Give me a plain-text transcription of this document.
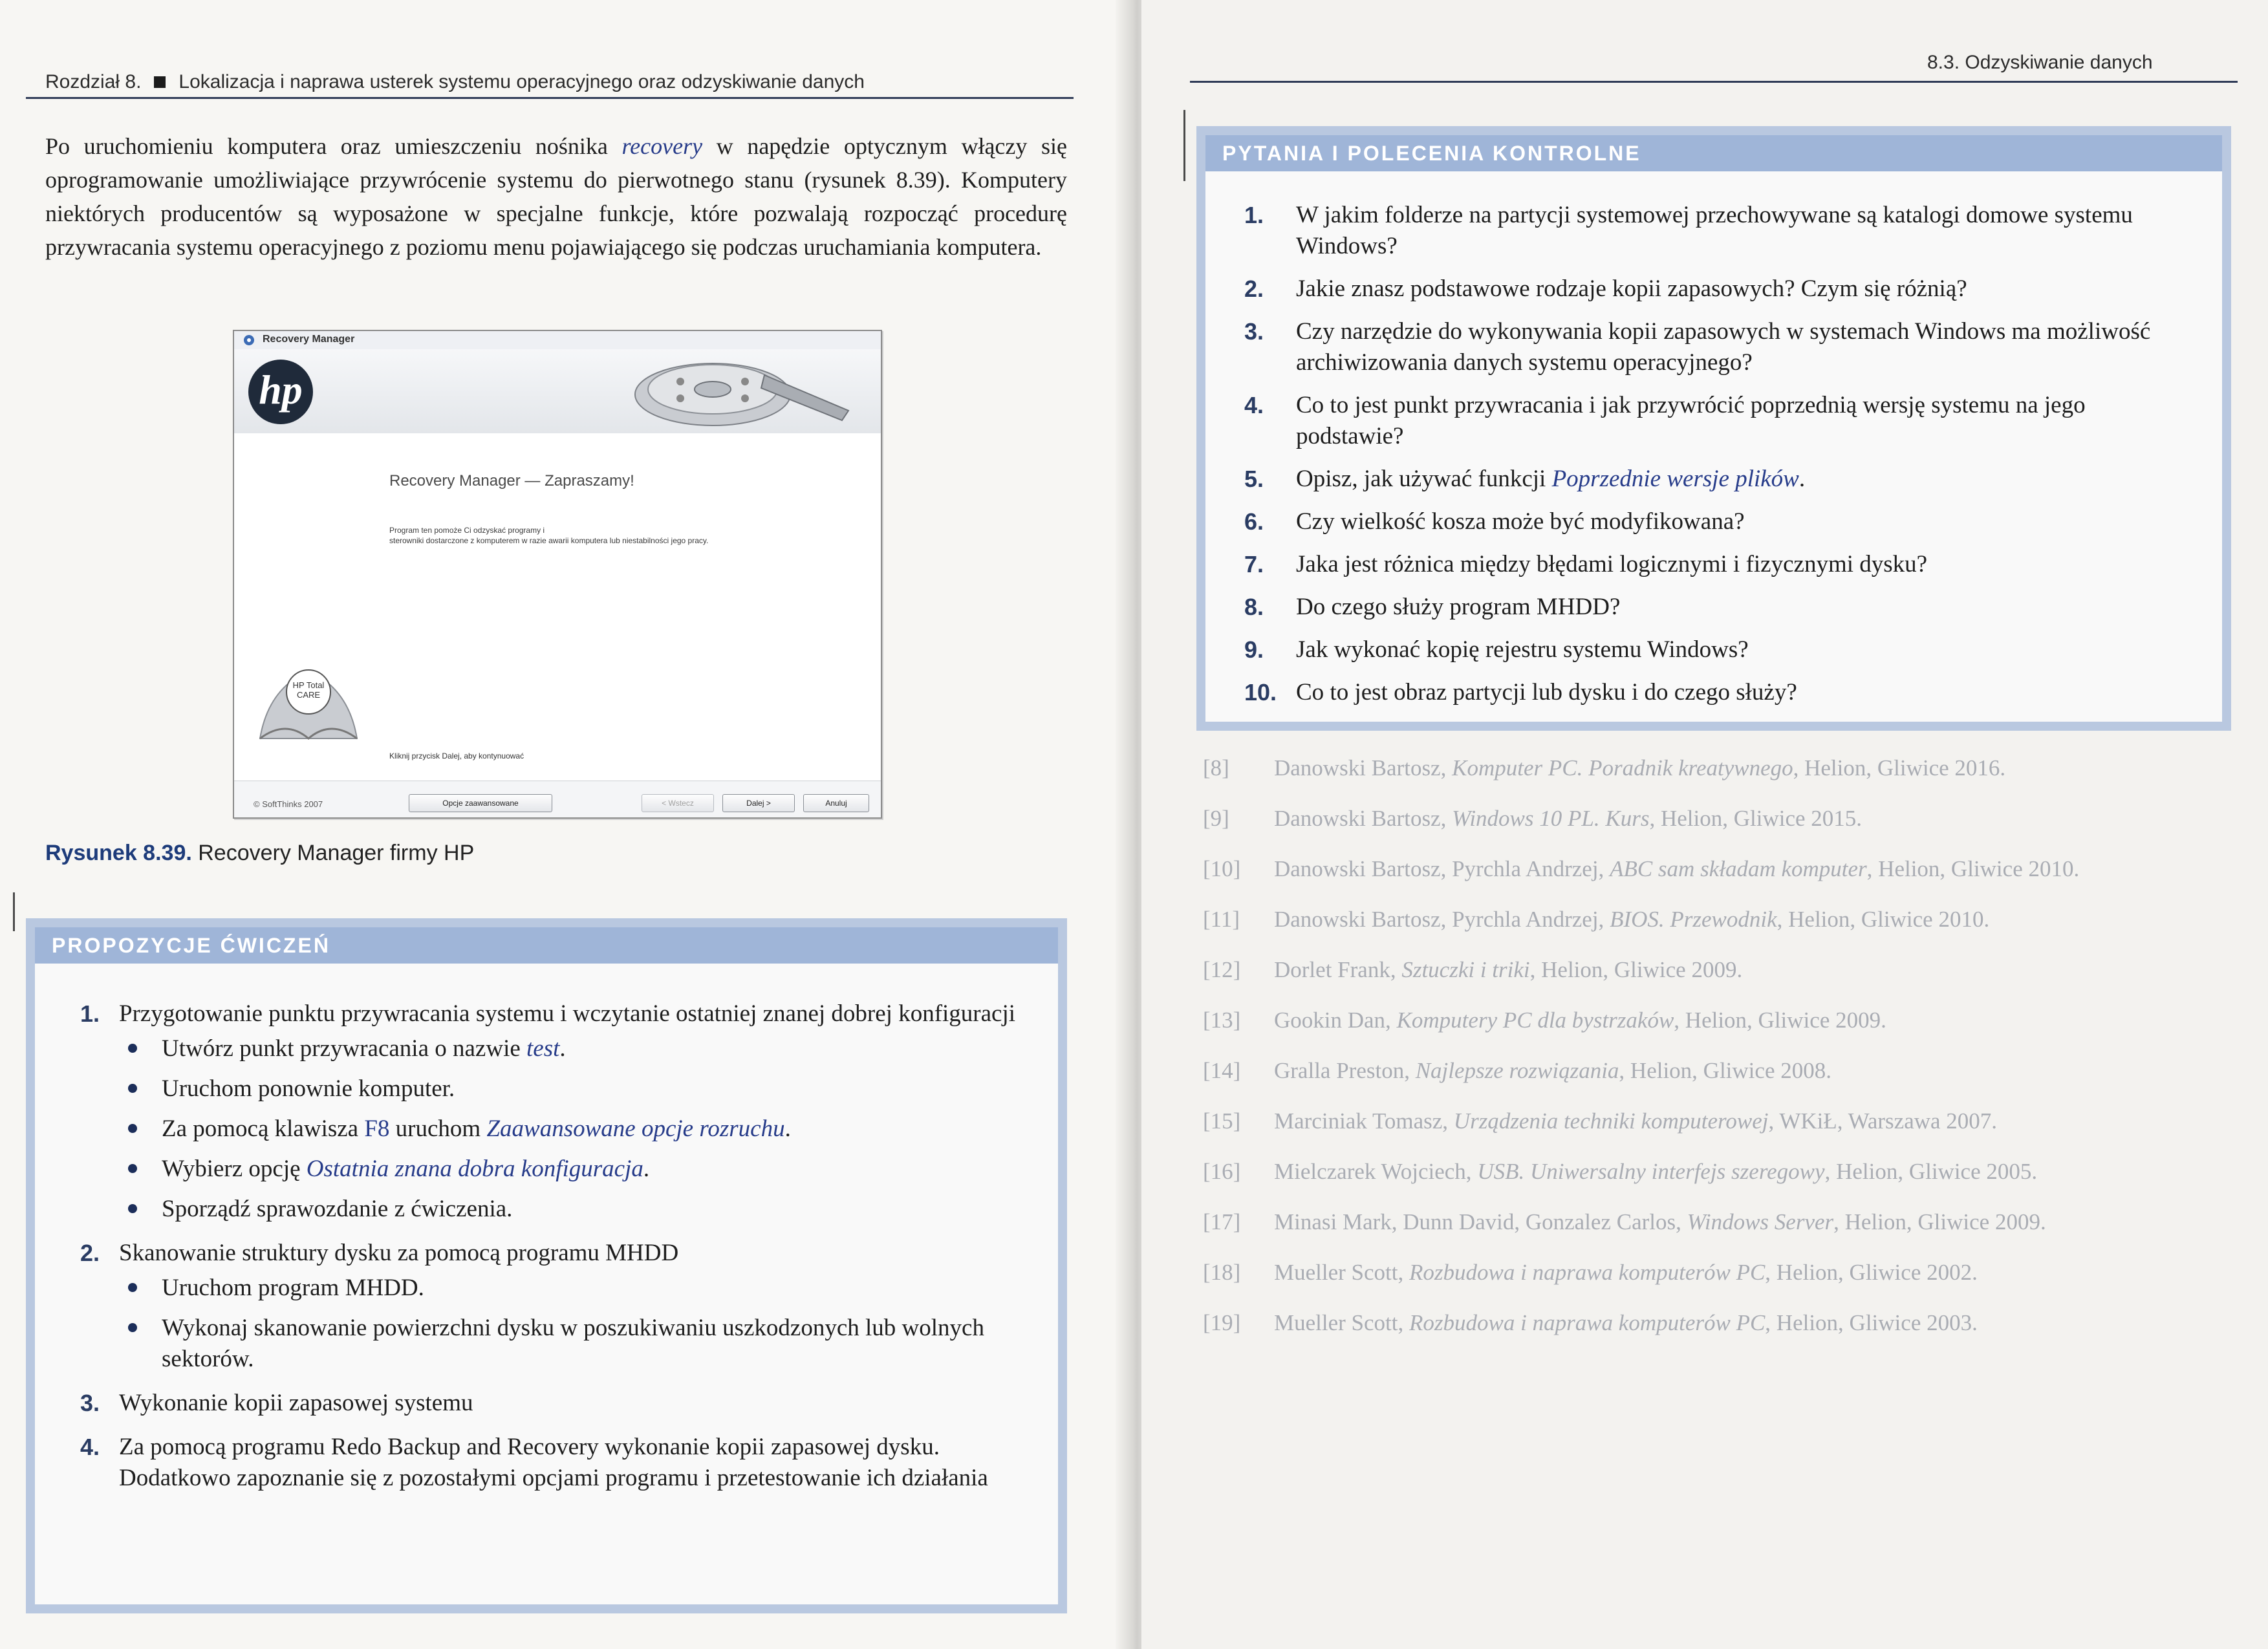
Rozdział 8. Lokalizacja i naprawa usterek systemu operacyjnego oraz odzyskiwanie danych

Po uruchomieniu komputera oraz umieszczeniu nośnika recovery w napędzie optycznym włączy się oprogramowanie umożliwiające przywrócenie systemu do pierwotnego stanu (rysunek 8.39). Komputery niektórych producentów są wyposażone w specjalne funkcje, które pozwalają rozpocząć procedurę przywracania systemu operacyjnego z poziomu menu pojawiającego się podczas uruchamiania komputera.

Recovery Manager
hp
Recovery Manager — Zapraszamy!
Program ten pomoże Ci odzyskać programy i
sterowniki dostarczone z komputerem w razie awarii komputera lub niestabilności jego pracy.
HP Total CARE
Kliknij przycisk Dalej, aby kontynuować
© SoftThinks 2007	Opcje zaawansowane	< Wstecz	Dalej >	Anuluj
Rysunek 8.39. Recovery Manager firmy HP
PROPOZYCJE ĆWICZEŃ
1. Przygotowanie punktu przywracania systemu i wczytanie ostatniej znanej dobrej konfiguracji
Utwórz punkt przywracania o nazwie test.
Uruchom ponownie komputer.
Za pomocą klawisza F8 uruchom Zaawansowane opcje rozruchu.
Wybierz opcję Ostatnia znana dobra konfiguracja.
Sporządź sprawozdanie z ćwiczenia.
2. Skanowanie struktury dysku za pomocą programu MHDD
Uruchom program MHDD.
Wykonaj skanowanie powierzchni dysku w poszukiwaniu uszkodzonych lub wolnych sektorów.
3. Wykonanie kopii zapasowej systemu
4. Za pomocą programu Redo Backup and Recovery wykonanie kopii zapasowej dysku. Dodatkowo zapoznanie się z pozostałymi opcjami programu i przetestowanie ich działania
8.3. Odzyskiwanie danych
PYTANIA I POLECENIA KONTROLNE
1. W jakim folderze na partycji systemowej przechowywane są katalogi domowe systemu Windows?
2. Jakie znasz podstawowe rodzaje kopii zapasowych? Czym się różnią?
3. Czy narzędzie do wykonywania kopii zapasowych w systemach Windows ma możliwość archiwizowania danych systemu operacyjnego?
4. Co to jest punkt przywracania i jak przywrócić poprzednią wersję systemu na jego podstawie?
5. Opisz, jak używać funkcji Poprzednie wersje plików.
6. Czy wielkość kosza może być modyfikowana?
7. Jaka jest różnica między błędami logicznymi i fizycznymi dysku?
8. Do czego służy program MHDD?
9. Jak wykonać kopię rejestru systemu Windows?
10. Co to jest obraz partycji lub dysku i do czego służy?
[8] Danowski Bartosz, Komputer PC. Poradnik kreatywnego, Helion, Gliwice 2016.
[9] Danowski Bartosz, Windows 10 PL. Kurs, Helion, Gliwice 2015.
[10] Danowski Bartosz, Pyrchla Andrzej, ABC sam składam komputer, Helion, Gliwice 2010.
[11] Danowski Bartosz, Pyrchla Andrzej, BIOS. Przewodnik, Helion, Gliwice 2010.
[12] Dorlet Frank, Sztuczki i triki, Helion, Gliwice 2009.
[13] Gookin Dan, Komputery PC dla bystrzaków, Helion, Gliwice 2009.
[14] Gralla Preston, Najlepsze rozwiązania, Helion, Gliwice 2008.
[15] Marciniak Tomasz, Urządzenia techniki komputerowej, WKiŁ, Warszawa 2007.
[16] Mielczarek Wojciech, USB. Uniwersalny interfejs szeregowy, Helion, Gliwice 2005.
[17] Minasi Mark, Dunn David, Gonzalez Carlos, Windows Server, Helion, Gliwice 2009.
[18] Mueller Scott, Rozbudowa i naprawa komputerów PC, Helion, Gliwice 2002.
[19] Mueller Scott, Rozbudowa i naprawa komputerów PC, Helion, Gliwice 2003.
